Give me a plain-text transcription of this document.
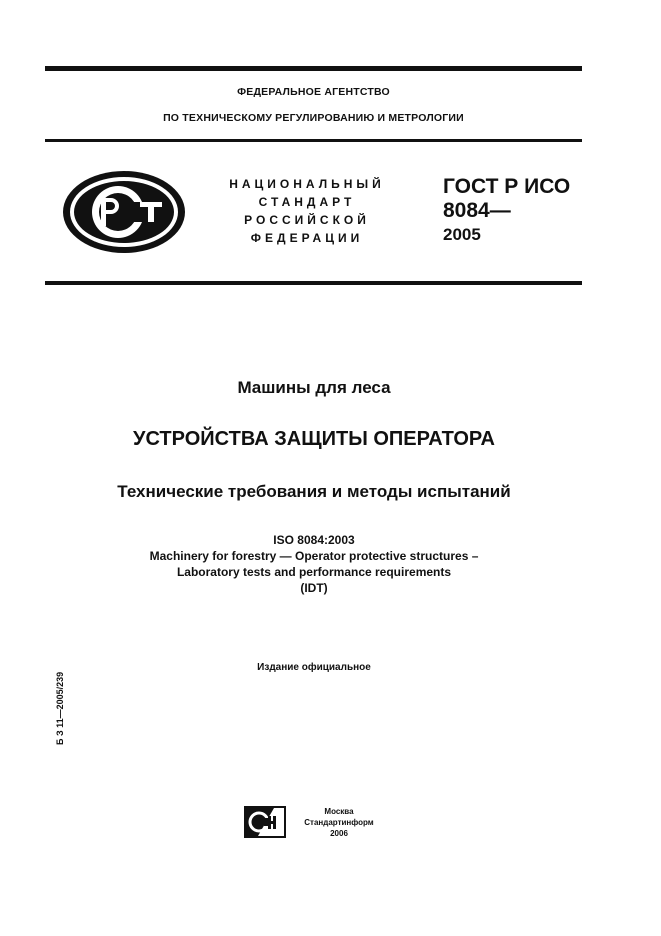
ФЕДЕРАЛЬНОЕ АГЕНТСТВО
ПО ТЕХНИЧЕСКОМУ РЕГУЛИРОВАНИЮ И МЕТРОЛОГИИ
НАЦИОНАЛЬНЫЙ
СТАНДАРТ
РОССИЙСКОЙ
ФЕДЕРАЦИИ
ГОСТ Р ИСО
8084—
2005
Машины для леса
УСТРОЙСТВА ЗАЩИТЫ ОПЕРАТОРА
Технические требования и методы испытаний
ISO 8084:2003
Machinery for forestry — Operator protective structures –
Laboratory tests and performance requirements
(IDT)
Издание официальное
Б З 11—2005/239
Москва
Стандартинформ
2006
